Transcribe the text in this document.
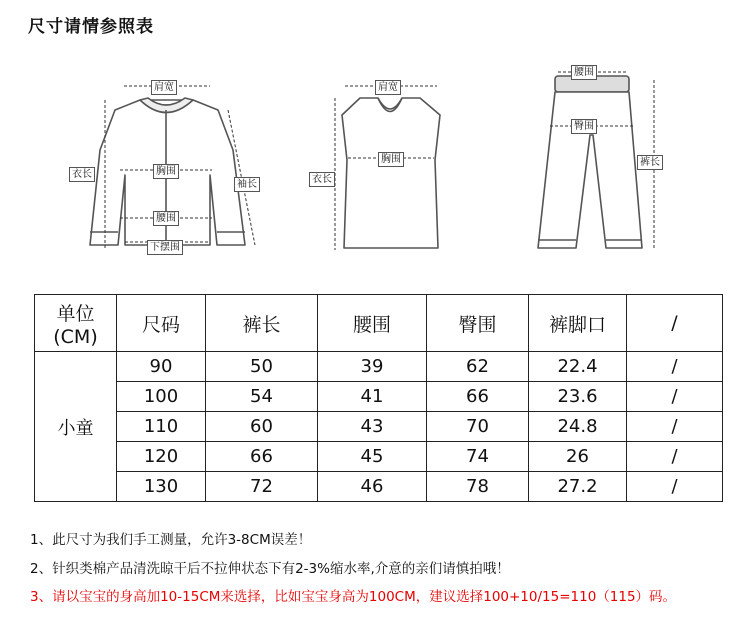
尺寸请情参照表
肩宽
衣长
袖长
胸围
腰围
下摆围
肩宽
衣长
胸围
腰围
臀围
裤长
单位
(CM)	尺码	裤长	腰围	臀围	裤脚口	/
小童	90	50	39	62	22.4	/
	100	54	41	66	23.6	/
	110	60	43	70	24.8	/
	120	66	45	74	26	/
	130	72	46	78	27.2	/
1、此尺寸为我们手工测量，允许3-8CM误差！
2、针织类棉产品清洗晾干后不拉伸状态下有2-3%缩水率,介意的亲们请慎拍哦！
3、请以宝宝的身高加10-15CM来选择，比如宝宝身高为100CM，建议选择100+10/15=110（115）码。
